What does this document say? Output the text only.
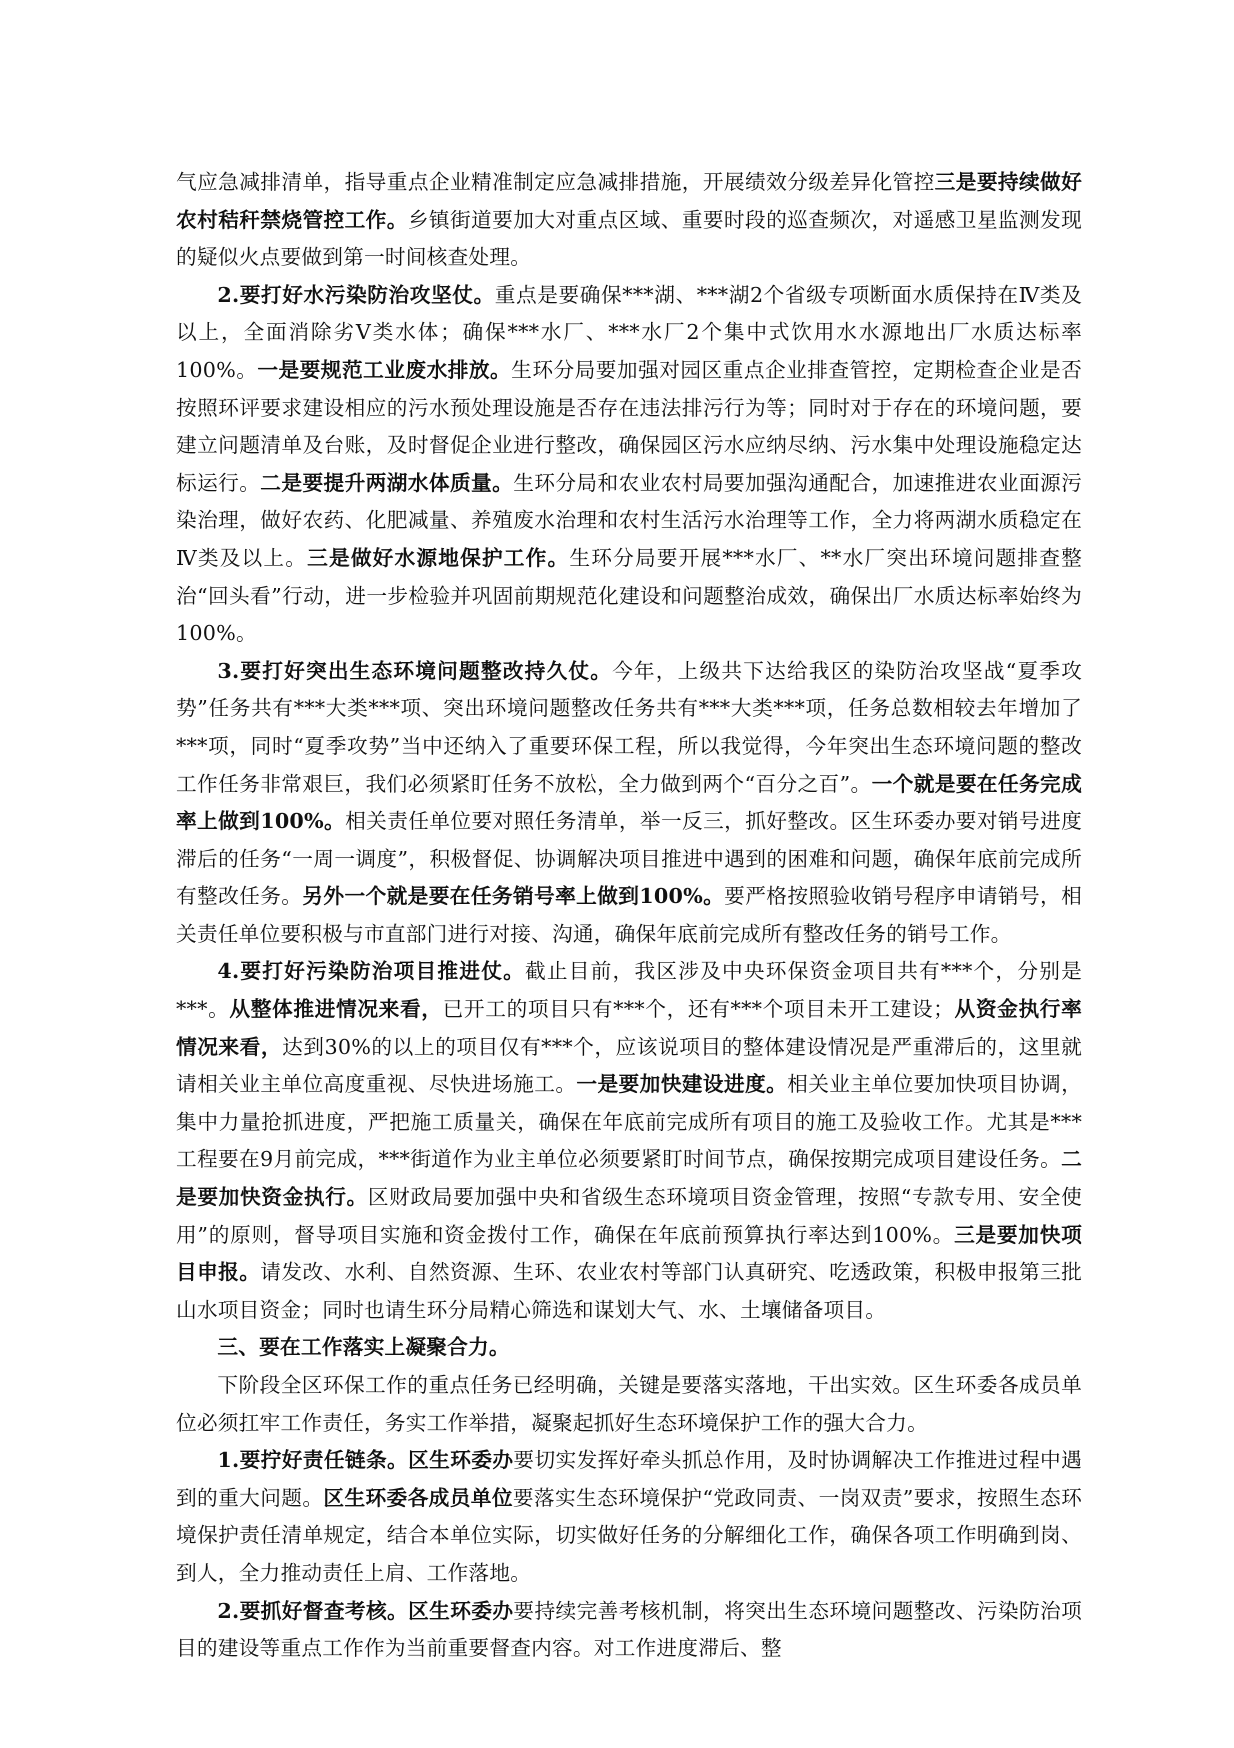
气应急减排清单，指导重点企业精准制定应急减排措施，开展绩效分级差异化管控三是要持续做好农村秸秆禁烧管控工作。乡镇街道要加大对重点区域、重要时段的巡查频次，对遥感卫星监测发现的疑似火点要做到第一时间核查处理。

2.要打好水污染防治攻坚仗。重点是要确保***湖、***湖2个省级专项断面水质保持在Ⅳ类及以上，全面消除劣Ⅴ类水体；确保***水厂、***水厂2个集中式饮用水水源地出厂水质达标率100%。一是要规范工业废水排放。生环分局要加强对园区重点企业排查管控，定期检查企业是否按照环评要求建设相应的污水预处理设施是否存在违法排污行为等；同时对于存在的环境问题，要建立问题清单及台账，及时督促企业进行整改，确保园区污水应纳尽纳、污水集中处理设施稳定达标运行。二是要提升两湖水体质量。生环分局和农业农村局要加强沟通配合，加速推进农业面源污染治理，做好农药、化肥减量、养殖废水治理和农村生活污水治理等工作，全力将两湖水质稳定在Ⅳ类及以上。三是做好水源地保护工作。生环分局要开展***水厂、**水厂突出环境问题排查整治“回头看”行动，进一步检验并巩固前期规范化建设和问题整治成效，确保出厂水质达标率始终为100%。

3.要打好突出生态环境问题整改持久仗。今年，上级共下达给我区的染防治攻坚战“夏季攻势”任务共有***大类***项、突出环境问题整改任务共有***大类***项，任务总数相较去年增加了***项，同时“夏季攻势”当中还纳入了重要环保工程，所以我觉得，今年突出生态环境问题的整改工作任务非常艰巨，我们必须紧盯任务不放松，全力做到两个“百分之百”。一个就是要在任务完成率上做到100%。相关责任单位要对照任务清单，举一反三，抓好整改。区生环委办要对销号进度滞后的任务“一周一调度”，积极督促、协调解决项目推进中遇到的困难和问题，确保年底前完成所有整改任务。另外一个就是要在任务销号率上做到100%。要严格按照验收销号程序申请销号，相关责任单位要积极与市直部门进行对接、沟通，确保年底前完成所有整改任务的销号工作。

4.要打好污染防治项目推进仗。截止目前，我区涉及中央环保资金项目共有***个，分别是***。从整体推进情况来看，已开工的项目只有***个，还有***个项目未开工建设；从资金执行率情况来看，达到30%的以上的项目仅有***个，应该说项目的整体建设情况是严重滞后的，这里就请相关业主单位高度重视、尽快进场施工。一是要加快建设进度。相关业主单位要加快项目协调，集中力量抢抓进度，严把施工质量关，确保在年底前完成所有项目的施工及验收工作。尤其是***工程要在9月前完成，***街道作为业主单位必须要紧盯时间节点，确保按期完成项目建设任务。二是要加快资金执行。区财政局要加强中央和省级生态环境项目资金管理，按照“专款专用、安全使用”的原则，督导项目实施和资金拨付工作，确保在年底前预算执行率达到100%。三是要加快项目申报。请发改、水利、自然资源、生环、农业农村等部门认真研究、吃透政策，积极申报第三批山水项目资金；同时也请生环分局精心筛选和谋划大气、水、土壤储备项目。

三、要在工作落实上凝聚合力。

下阶段全区环保工作的重点任务已经明确，关键是要落实落地，干出实效。区生环委各成员单位必须扛牢工作责任，务实工作举措，凝聚起抓好生态环境保护工作的强大合力。

1.要拧好责任链条。区生环委办要切实发挥好牵头抓总作用，及时协调解决工作推进过程中遇到的重大问题。区生环委各成员单位要落实生态环境保护“党政同责、一岗双责”要求，按照生态环境保护责任清单规定，结合本单位实际，切实做好任务的分解细化工作，确保各项工作明确到岗、到人，全力推动责任上肩、工作落地。

2.要抓好督查考核。区生环委办要持续完善考核机制，将突出生态环境问题整改、污染防治项目的建设等重点工作作为当前重要督查内容。对工作进度滞后、整
